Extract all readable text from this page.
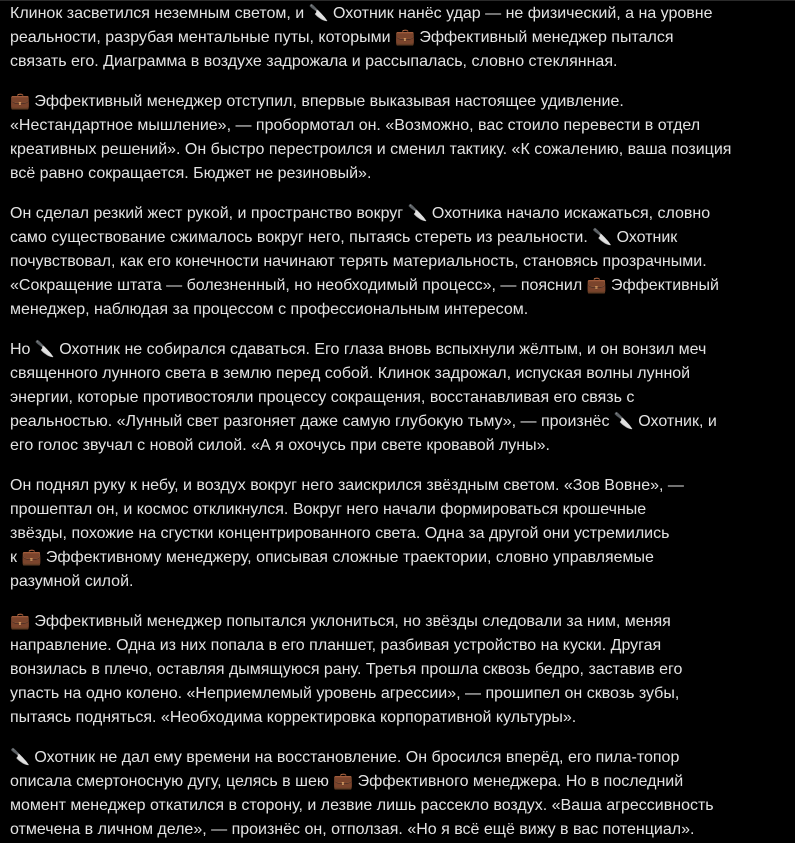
Клинок засветился неземным светом, и 🔪 Охотник нанёс удар — не физический, а на уровне
реальности, разрубая ментальные путы, которыми 💼 Эффективный менеджер пытался
связать его. Диаграмма в воздухе задрожала и рассыпалась, словно стеклянная.

💼 Эффективный менеджер отступил, впервые выказывая настоящее удивление.
«Нестандартное мышление», — пробормотал он. «Возможно, вас стоило перевести в отдел
креативных решений». Он быстро перестроился и сменил тактику. «К сожалению, ваша позиция
всё равно сокращается. Бюджет не резиновый».

Он сделал резкий жест рукой, и пространство вокруг 🔪 Охотника начало искажаться, словно
само существование сжималось вокруг него, пытаясь стереть из реальности. 🔪 Охотник
почувствовал, как его конечности начинают терять материальность, становясь прозрачными.
«Сокращение штата — болезненный, но необходимый процесс», — пояснил 💼 Эффективный
менеджер, наблюдая за процессом с профессиональным интересом.

Но 🔪 Охотник не собирался сдаваться. Его глаза вновь вспыхнули жёлтым, и он вонзил меч
священного лунного света в землю перед собой. Клинок задрожал, испуская волны лунной
энергии, которые противостояли процессу сокращения, восстанавливая его связь с
реальностью. «Лунный свет разгоняет даже самую глубокую тьму», — произнёс 🔪 Охотник, и
его голос звучал с новой силой. «А я охочусь при свете кровавой луны».

Он поднял руку к небу, и воздух вокруг него заискрился звёздным светом. «Зов Вовне», —
прошептал он, и космос откликнулся. Вокруг него начали формироваться крошечные
звёзды, похожие на сгустки концентрированного света. Одна за другой они устремились
к 💼 Эффективному менеджеру, описывая сложные траектории, словно управляемые
разумной силой.

💼 Эффективный менеджер попытался уклониться, но звёзды следовали за ним, меняя
направление. Одна из них попала в его планшет, разбивая устройство на куски. Другая
вонзилась в плечо, оставляя дымящуюся рану. Третья прошла сквозь бедро, заставив его
упасть на одно колено. «Неприемлемый уровень агрессии», — прошипел он сквозь зубы,
пытаясь подняться. «Необходима корректировка корпоративной культуры».

🔪 Охотник не дал ему времени на восстановление. Он бросился вперёд, его пила-топор
описала смертоносную дугу, целясь в шею 💼 Эффективного менеджера. Но в последний
момент менеджер откатился в сторону, и лезвие лишь рассекло воздух. «Ваша агрессивность
отмечена в личном деле», — произнёс он, отползая. «Но я всё ещё вижу в вас потенциал».
